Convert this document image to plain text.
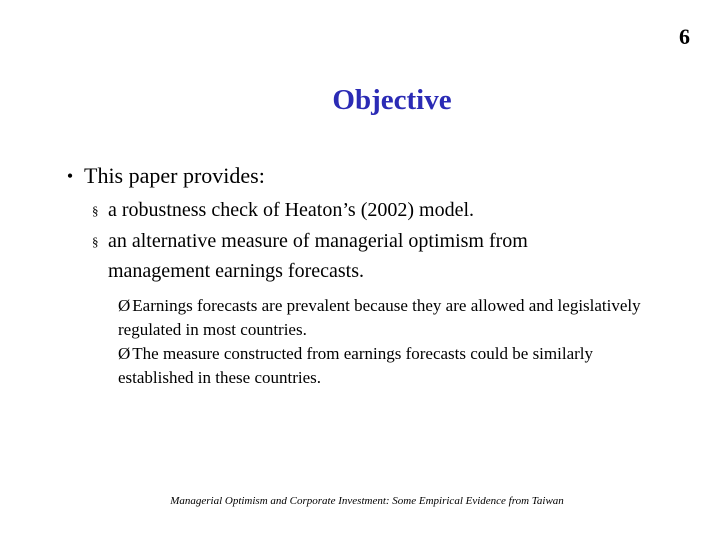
6
Objective
• This paper provides:
§ a robustness check of Heaton’s (2002) model.
§ an alternative measure of managerial optimism from management earnings forecasts.
Ø Earnings forecasts are prevalent because they are allowed and legislatively regulated in most countries.
Ø The measure constructed from earnings forecasts could be similarly established in these countries.
Managerial Optimism and Corporate Investment: Some Empirical Evidence from Taiwan
